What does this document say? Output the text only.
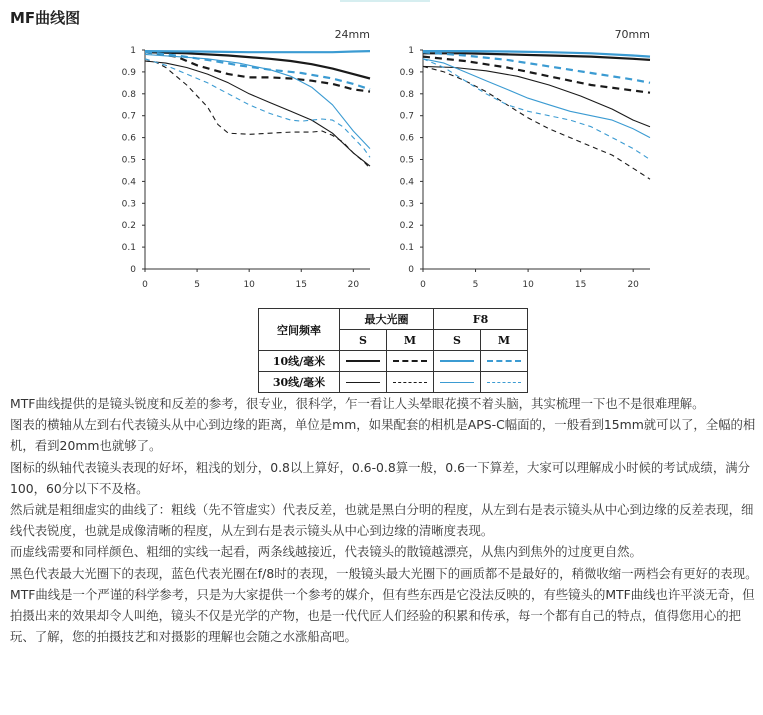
MF曲线图
0
0.1
0.2
0.3
0.4
0.5
0.6
0.7
0.8
0.9
1
0	5	10	15	20
24mm
0
0.1
0.2
0.3
0.4
0.5
0.6
0.7
0.8
0.9
1
0	5	10	15	20
70mm
空间频率	最大光圈		F8	
	S	M	S	M
10线/毫米	

30线/毫米	

MTF曲线提供的是镜头锐度和反差的参考，很专业，很科学，乍一看让人头晕眼花摸不着头脑，其实梳理一下也不是很难理解。

图表的横轴从左到右代表镜头从中心到边缘的距离，单位是mm，如果配套的相机是APS-C幅面的，一般看到15mm就可以了，全幅的相机，看到20mm也就够了。

图标的纵轴代表镜头表现的好坏，粗浅的划分，0.8以上算好，0.6-0.8算一般，0.6一下算差，大家可以理解成小时候的考试成绩，满分100，60分以下不及格。

然后就是粗细虚实的曲线了：粗线（先不管虚实）代表反差，也就是黑白分明的程度，从左到右是表示镜头从中心到边缘的反差表现，细线代表锐度，也就是成像清晰的程度，从左到右是表示镜头从中心到边缘的清晰度表现。

而虚线需要和同样颜色、粗细的实线一起看，两条线越接近，代表镜头的散镜越漂亮，从焦内到焦外的过度更自然。

黑色代表最大光圈下的表现，蓝色代表光圈在f/8时的表现，一般镜头最大光圈下的画质都不是最好的，稍微收缩一两档会有更好的表现。

MTF曲线是一个严谨的科学参考，只是为大家提供一个参考的媒介，但有些东西是它没法反映的，有些镜头的MTF曲线也许平淡无奇，但拍摄出来的效果却令人叫绝，镜头不仅是光学的产物，也是一代代匠人们经验的积累和传承，每一个都有自己的特点，值得您用心的把玩、了解，您的拍摄技艺和对摄影的理解也会随之水涨船高吧。
